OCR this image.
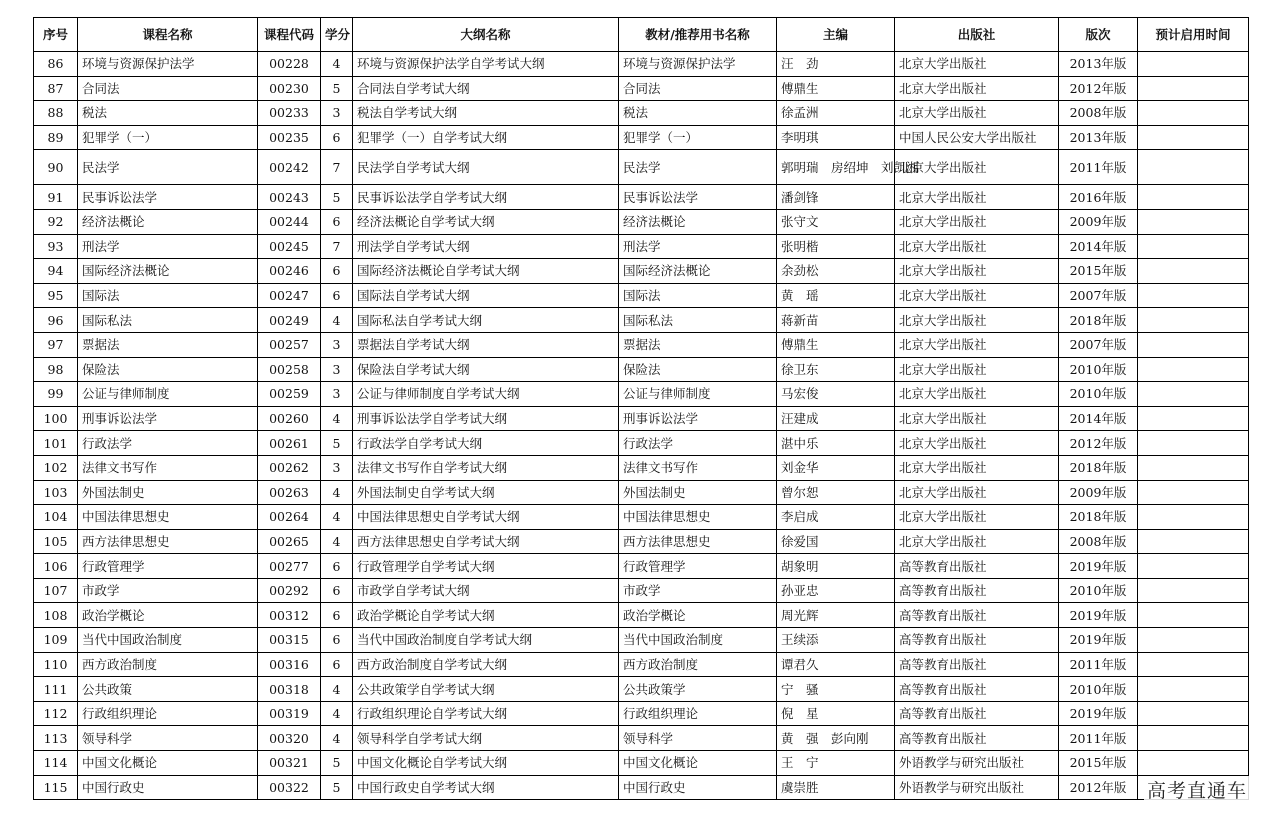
序号	课程名称	课程代码	学分	大纲名称	教材/推荐用书名称	主编	出版社	版次	预计启用时间
86	环境与资源保护法学	00228	4	环境与资源保护法学自学考试大纲	环境与资源保护法学	汪　劲	北京大学出版社	2013年版	
87	合同法	00230	5	合同法自学考试大纲	合同法	傅鼎生	北京大学出版社	2012年版	
88	税法	00233	3	税法自学考试大纲	税法	徐孟洲	北京大学出版社	2008年版	
89	犯罪学（一）	00235	6	犯罪学（一）自学考试大纲	犯罪学（一）	李明琪	中国人民公安大学出版社	2013年版	
90	民法学	00242	7	民法学自学考试大纲	民法学	郭明瑞　房绍坤　刘凯湘	北京大学出版社	2011年版	
91	民事诉讼法学	00243	5	民事诉讼法学自学考试大纲	民事诉讼法学	潘剑锋	北京大学出版社	2016年版	
92	经济法概论	00244	6	经济法概论自学考试大纲	经济法概论	张守文	北京大学出版社	2009年版	
93	刑法学	00245	7	刑法学自学考试大纲	刑法学	张明楷	北京大学出版社	2014年版	
94	国际经济法概论	00246	6	国际经济法概论自学考试大纲	国际经济法概论	余劲松	北京大学出版社	2015年版	
95	国际法	00247	6	国际法自学考试大纲	国际法	黄　瑶	北京大学出版社	2007年版	
96	国际私法	00249	4	国际私法自学考试大纲	国际私法	蒋新苗	北京大学出版社	2018年版	
97	票据法	00257	3	票据法自学考试大纲	票据法	傅鼎生	北京大学出版社	2007年版	
98	保险法	00258	3	保险法自学考试大纲	保险法	徐卫东	北京大学出版社	2010年版	
99	公证与律师制度	00259	3	公证与律师制度自学考试大纲	公证与律师制度	马宏俊	北京大学出版社	2010年版	
100	刑事诉讼法学	00260	4	刑事诉讼法学自学考试大纲	刑事诉讼法学	汪建成	北京大学出版社	2014年版	
101	行政法学	00261	5	行政法学自学考试大纲	行政法学	湛中乐	北京大学出版社	2012年版	
102	法律文书写作	00262	3	法律文书写作自学考试大纲	法律文书写作	刘金华	北京大学出版社	2018年版	
103	外国法制史	00263	4	外国法制史自学考试大纲	外国法制史	曾尔恕	北京大学出版社	2009年版	
104	中国法律思想史	00264	4	中国法律思想史自学考试大纲	中国法律思想史	李启成	北京大学出版社	2018年版	
105	西方法律思想史	00265	4	西方法律思想史自学考试大纲	西方法律思想史	徐爱国	北京大学出版社	2008年版	
106	行政管理学	00277	6	行政管理学自学考试大纲	行政管理学	胡象明	高等教育出版社	2019年版	
107	市政学	00292	6	市政学自学考试大纲	市政学	孙亚忠	高等教育出版社	2010年版	
108	政治学概论	00312	6	政治学概论自学考试大纲	政治学概论	周光辉	高等教育出版社	2019年版	
109	当代中国政治制度	00315	6	当代中国政治制度自学考试大纲	当代中国政治制度	王续添	高等教育出版社	2019年版	
110	西方政治制度	00316	6	西方政治制度自学考试大纲	西方政治制度	谭君久	高等教育出版社	2011年版	
111	公共政策	00318	4	公共政策学自学考试大纲	公共政策学	宁　骚	高等教育出版社	2010年版	
112	行政组织理论	00319	4	行政组织理论自学考试大纲	行政组织理论	倪　星	高等教育出版社	2019年版	
113	领导科学	00320	4	领导科学自学考试大纲	领导科学	黄　强　彭向刚	高等教育出版社	2011年版	
114	中国文化概论	00321	5	中国文化概论自学考试大纲	中国文化概论	王　宁	外语教学与研究出版社	2015年版	
115	中国行政史	00322	5	中国行政史自学考试大纲	中国行政史	虞崇胜	外语教学与研究出版社	2012年版	高考直通车
